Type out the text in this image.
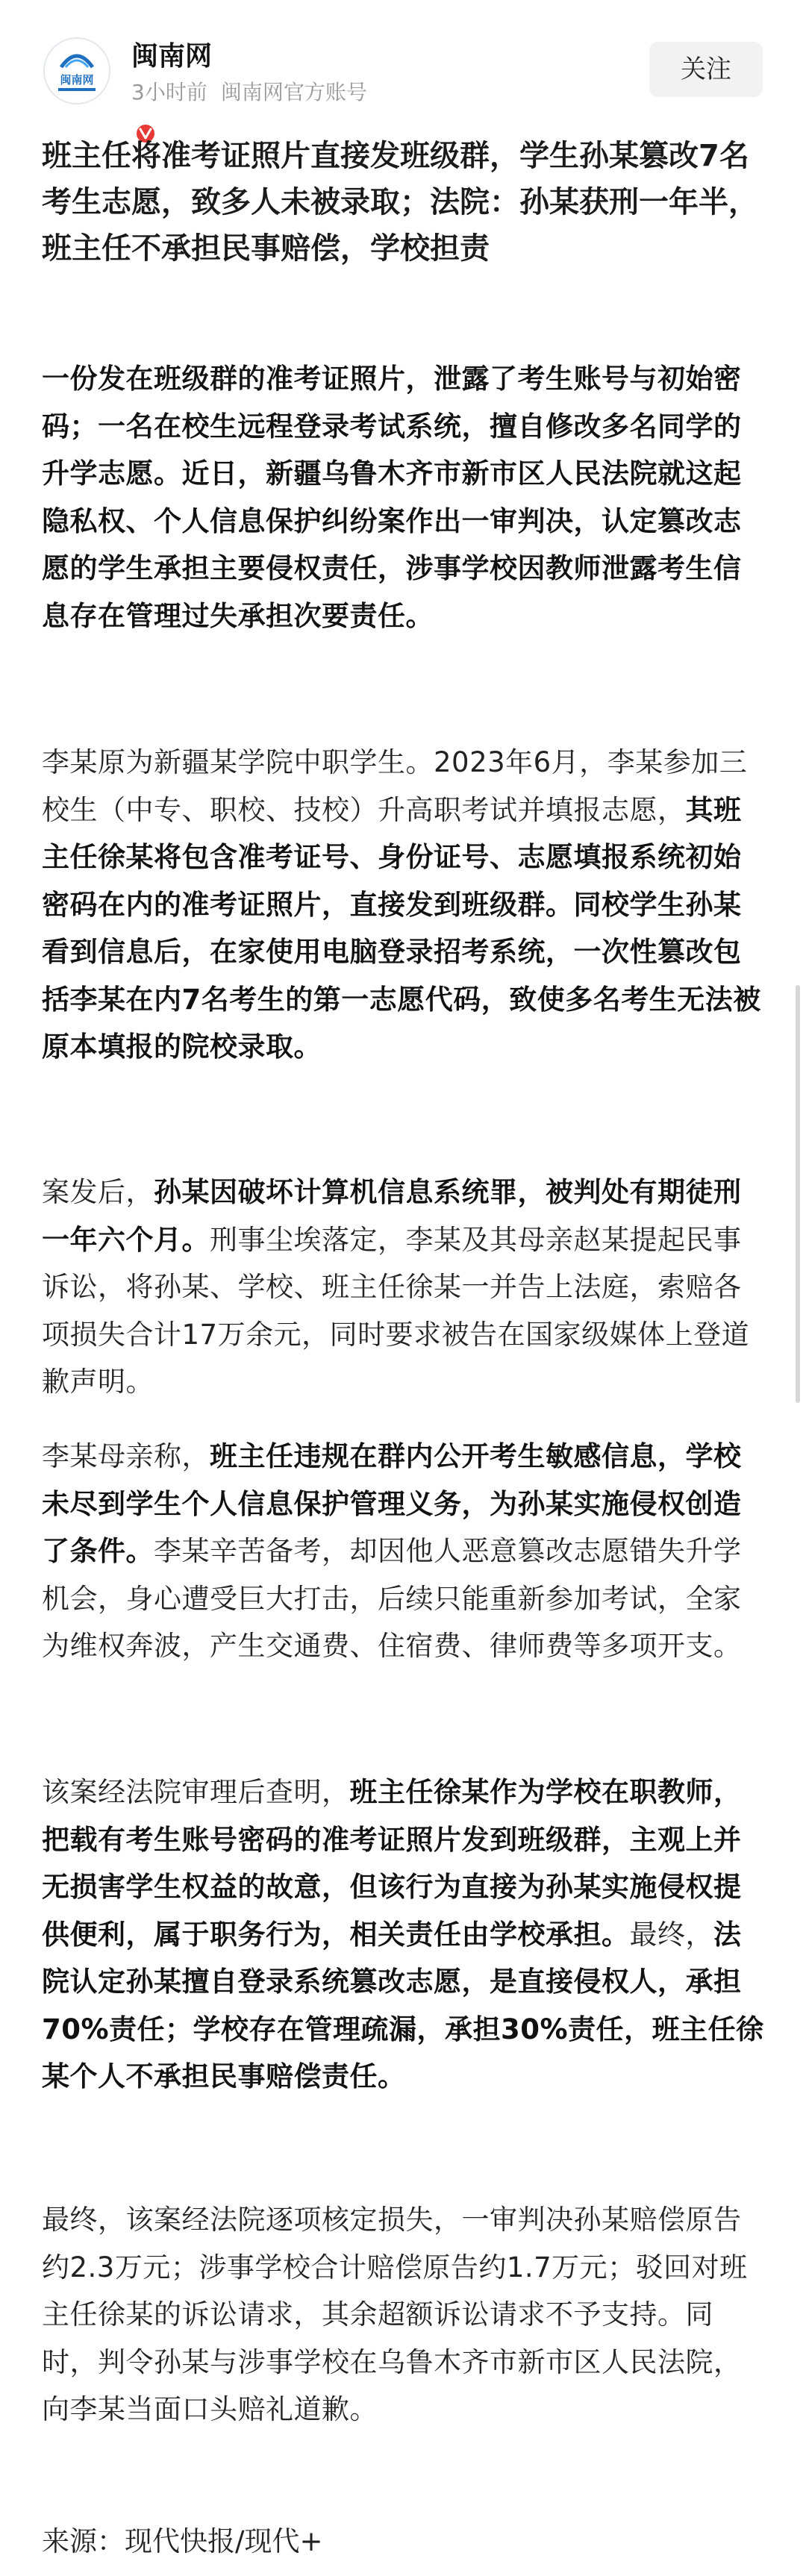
闽南网
闽南网
3小时前 闽南网官方账号
关注
班主任将准考证照片直接发班级群，学生孙某篡改7名考生志愿，致多人未被录取；法院：孙某获刑一年半，班主任不承担民事赔偿，学校担责

一份发在班级群的准考证照片，泄露了考生账号与初始密码；一名在校生远程登录考试系统，擅自修改多名同学的升学志愿。近日，新疆乌鲁木齐市新市区人民法院就这起隐私权、个人信息保护纠纷案作出一审判决，认定篡改志愿的学生承担主要侵权责任，涉事学校因教师泄露考生信息存在管理过失承担次要责任。

李某原为新疆某学院中职学生。2023年6月，李某参加三校生（中专、职校、技校）升高职考试并填报志愿，其班主任徐某将包含准考证号、身份证号、志愿填报系统初始密码在内的准考证照片，直接发到班级群。同校学生孙某看到信息后，在家使用电脑登录招考系统，一次性篡改包括李某在内7名考生的第一志愿代码，致使多名考生无法被原本填报的院校录取。

案发后，孙某因破坏计算机信息系统罪，被判处有期徒刑一年六个月。刑事尘埃落定，李某及其母亲赵某提起民事诉讼，将孙某、学校、班主任徐某一并告上法庭，索赔各项损失合计17万余元，同时要求被告在国家级媒体上登道歉声明。

李某母亲称，班主任违规在群内公开考生敏感信息，学校未尽到学生个人信息保护管理义务，为孙某实施侵权创造了条件。李某辛苦备考，却因他人恶意篡改志愿错失升学机会，身心遭受巨大打击，后续只能重新参加考试，全家为维权奔波，产生交通费、住宿费、律师费等多项开支。

该案经法院审理后查明，班主任徐某作为学校在职教师，把载有考生账号密码的准考证照片发到班级群，主观上并无损害学生权益的故意，但该行为直接为孙某实施侵权提供便利，属于职务行为，相关责任由学校承担。最终，法院认定孙某擅自登录系统篡改志愿，是直接侵权人，承担70%责任；学校存在管理疏漏，承担30%责任，班主任徐某个人不承担民事赔偿责任。

最终，该案经法院逐项核定损失，一审判决孙某赔偿原告约2.3万元；涉事学校合计赔偿原告约1.7万元；驳回对班主任徐某的诉讼请求，其余超额诉讼请求不予支持。同时，判令孙某与涉事学校在乌鲁木齐市新市区人民法院，向李某当面口头赔礼道歉。

来源：现代快报/现代+
